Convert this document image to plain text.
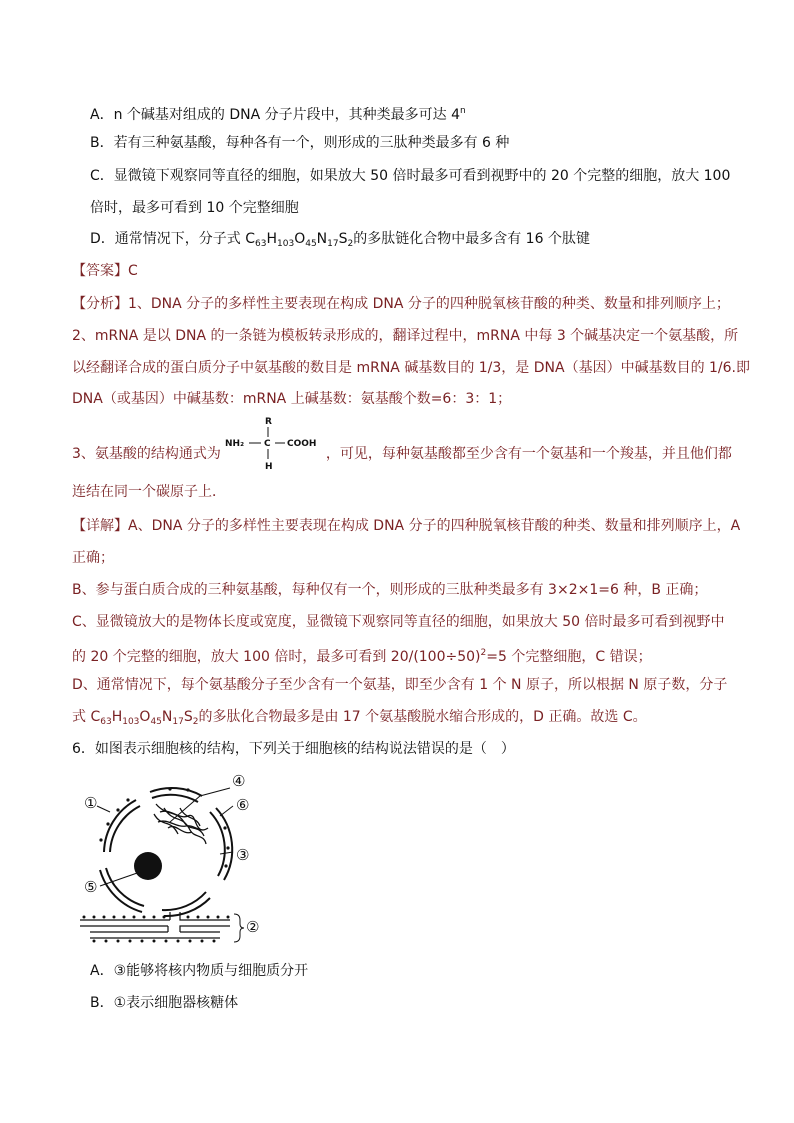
A．n 个碱基对组成的 DNA 分子片段中，其种类最多可达 4$^n$
B．若有三种氨基酸，每种各有一个，则形成的三肽种类最多有 6 种
C．显微镜下观察同等直径的细胞，如果放大 50 倍时最多可看到视野中的 20 个完整的细胞，放大 100
倍时，最多可看到 10 个完整细胞
D．通常情况下，分子式 $C_{63}H_{103}O_{45}N_{17}S_2$的多肽链化合物中最多含有 16 个肽键
【答案】C
【分析】1、DNA 分子的多样性主要表现在构成 DNA 分子的四种脱氧核苷酸的种类、数量和排列顺序上；
2、mRNA 是以 DNA 的一条链为模板转录形成的，翻译过程中，mRNA 中每 3 个碱基决定一个氨基酸，所
以经翻译合成的蛋白质分子中氨基酸的数目是 mRNA 碱基数目的 1/3，是 DNA（基因）中碱基数目的 1/6.即
DNA（或基因）中碱基数：mRNA 上碱基数：氨基酸个数=6：3：1；
3、氨基酸的结构通式为
R
NH₂ C COOH
H
，可见，每种氨基酸都至少含有一个氨基和一个羧基，并且他们都
连结在同一个碳原子上．
【详解】A、DNA 分子的多样性主要表现在构成 DNA 分子的四种脱氧核苷酸的种类、数量和排列顺序上，A
正确；
B、参与蛋白质合成的三种氨基酸，每种仅有一个，则形成的三肽种类最多有 3×2×1=6 种，B 正确；
C、显微镜放大的是物体长度或宽度，显微镜下观察同等直径的细胞，如果放大 50 倍时最多可看到视野中
的 20 个完整的细胞，放大 100 倍时，最多可看到 $20/(100\div 50)^2=5$ 个完整细胞，C 错误；
D、通常情况下，每个氨基酸分子至少含有一个氨基，即至少含有 1 个 N 原子，所以根据 N 原子数，分子
式 $C_{63}H_{103}O_{45}N_{17}S_2$的多肽化合物最多是由 17 个氨基酸脱水缩合形成的，D 正确。故选 C。
6．如图表示细胞核的结构，下列关于细胞核的结构说法错误的是（　）
①
②
③
④
⑤
⑥
A．③能够将核内物质与细胞质分开
B．①表示细胞器核糖体
